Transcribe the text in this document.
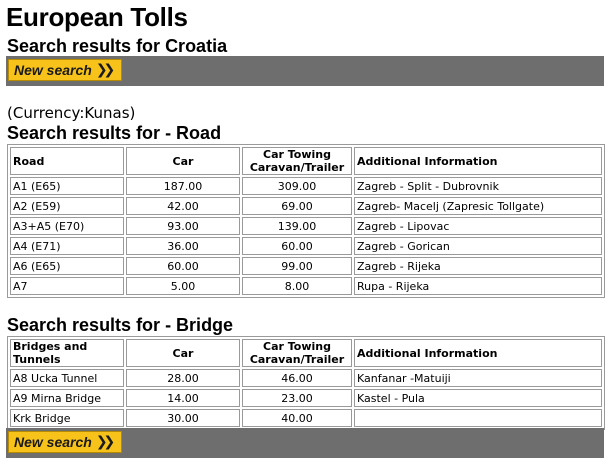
European Tolls
Search results for Croatia
New search ❯❯
(Currency:Kunas)
Search results for - Road
Road	Car	Car Towing Caravan/Trailer	Additional Information
A1 (E65)	187.00	309.00	Zagreb - Split - Dubrovnik
A2 (E59)	42.00	69.00	Zagreb- Macelj (Zapresic Tollgate)
A3+A5 (E70)	93.00	139.00	Zagreb - Lipovac
A4 (E71)	36.00	60.00	Zagreb - Gorican
A6 (E65)	60.00	99.00	Zagreb - Rijeka
A7	5.00	8.00	Rupa - Rijeka
Search results for - Bridge
Bridges and Tunnels	Car	Car Towing Caravan/Trailer	Additional Information
A8 Ucka Tunnel	28.00	46.00	Kanfanar -Matuiji
A9 Mirna Bridge	14.00	23.00	Kastel - Pula
Krk Bridge	30.00	40.00	
New search ❯❯
